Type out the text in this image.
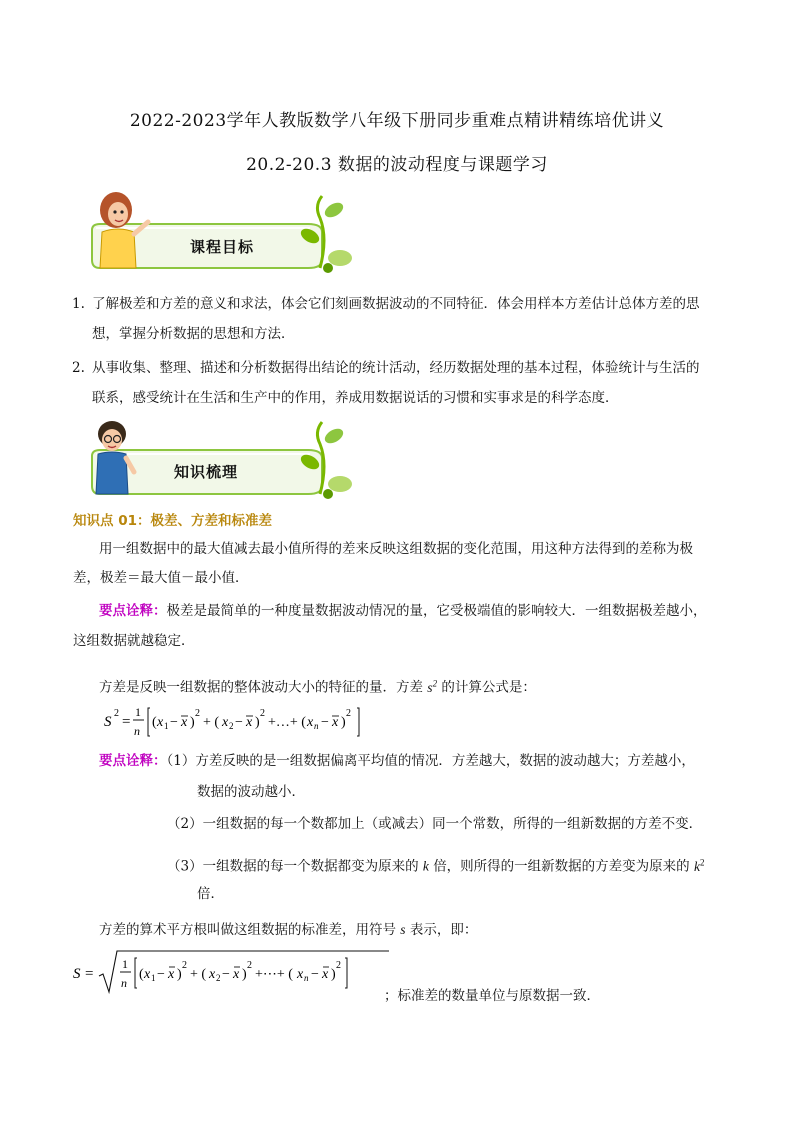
2022-2023学年人教版数学八年级下册同步重难点精讲精练培优讲义
20.2-20.3 数据的波动程度与课题学习
课程目标
1. 了解极差和方差的意义和求法，体会它们刻画数据波动的不同特征．体会用样本方差估计总体方差的思
想，掌握分析数据的思想和方法．
2. 从事收集、整理、描述和分析数据得出结论的统计活动，经历数据处理的基本过程，体验统计与生活的
联系，感受统计在生活和生产中的作用，养成用数据说话的习惯和实事求是的科学态度．
知识梳理
知识点 01：极差、方差和标准差
用一组数据中的最大值减去最小值所得的差来反映这组数据的变化范围，用这种方法得到的差称为极
差，极差＝最大值－最小值．
要点诠释：极差是最简单的一种度量数据波动情况的量，它受极端值的影响较大．一组数据极差越小，
这组数据就越稳定．
方差是反映一组数据的整体波动大小的特征的量．方差 $s^2$ 的计算公式是：
S
2
=
1
n
( x 1 − x )
2
+ ( x 2 − x )
2
+…+ ( x n − x )
2
要点诠释：（1）方差反映的是一组数据偏离平均值的情况．方差越大，数据的波动越大；方差越小，
数据的波动越小．
（2）一组数据的每一个数都加上（或减去）同一个常数，所得的一组新数据的方差不变．
（3）一组数据的每一个数据都变为原来的 k 倍，则所得的一组新数据的方差变为原来的 $k^2$
倍．
方差的算术平方根叫做这组数据的标准差，用符号 s 表示，即：
S =
1
n
( x 1 − x )
2
+ ( x 2 − x )
2
+⋯+ ( x n − x )
2
；标准差的数量单位与原数据一致．
